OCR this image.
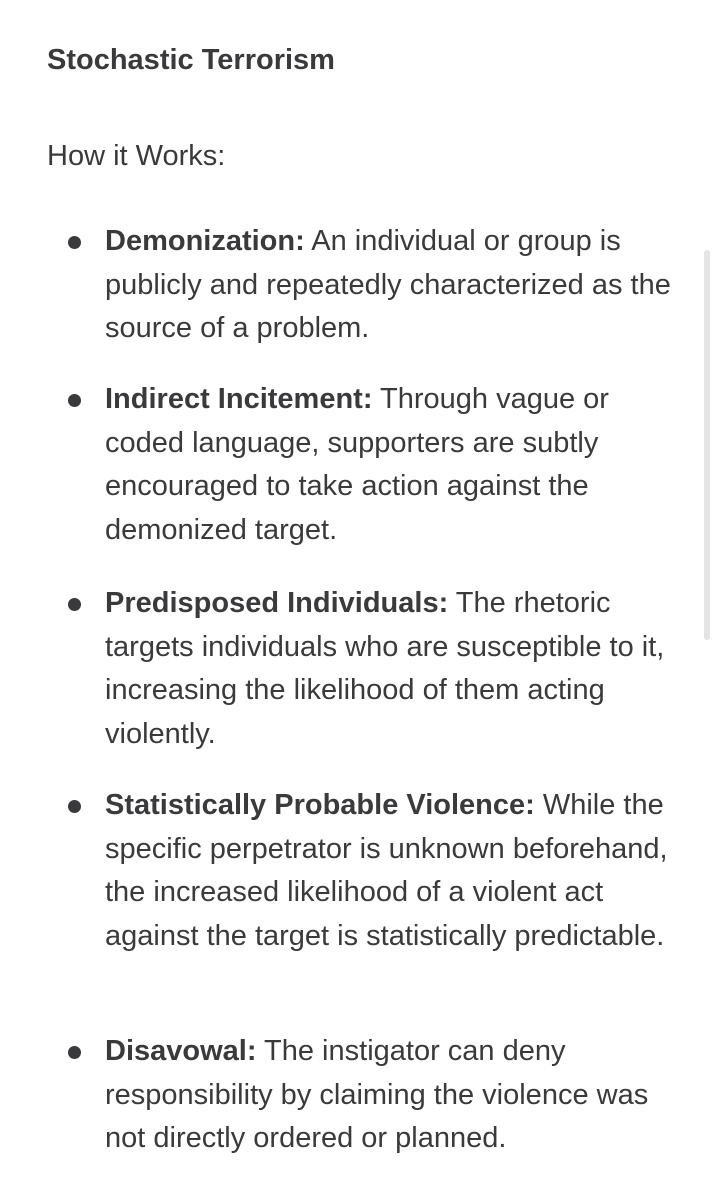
Stochastic Terrorism
How it Works:

Demonization: An individual or group is publicly and repeatedly characterized as the source of a problem.

Indirect Incitement: Through vague or coded language, supporters are subtly encouraged to take action against the demonized target.

Predisposed Individuals: The rhetoric targets individuals who are susceptible to it, increasing the likelihood of them acting violently.

Statistically Probable Violence: While the specific perpetrator is unknown beforehand, the increased likelihood of a violent act against the target is statistically predictable.

Disavowal: The instigator can deny responsibility by claiming the violence was not directly ordered or planned.
